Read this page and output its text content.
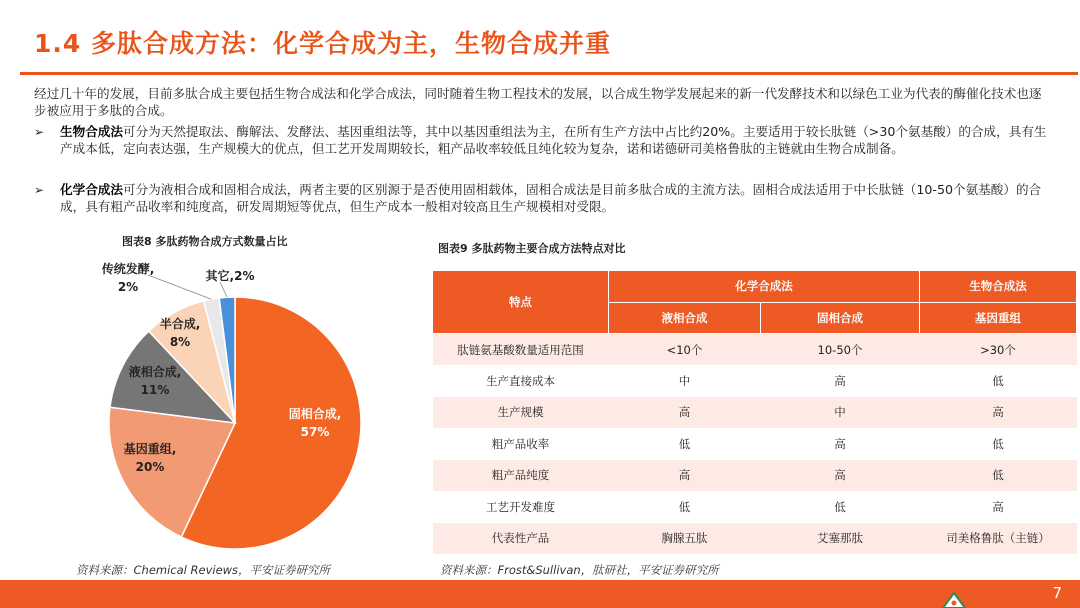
1.4 多肽合成方法：化学合成为主，生物合成并重
经过几十年的发展，目前多肽合成主要包括生物合成法和化学合成法，同时随着生物工程技术的发展，以合成生物学发展起来的新一代发酵技术和以绿色工业为代表的酶催化技术也逐步被应用于多肽的合成。
➢	生物合成法可分为天然提取法、酶解法、发酵法、基因重组法等，其中以基因重组法为主，在所有生产方法中占比约20%。主要适用于较长肽链（>30个氨基酸）的合成，具有生产成本低，定向表达强，生产规模大的优点，但工艺开发周期较长，粗产品收率较低且纯化较为复杂，诺和诺德研司美格鲁肽的主链就由生物合成制备。
➢	化学合成法可分为液相合成和固相合成法，两者主要的区别源于是否使用固相载体，固相合成法是目前多肽合成的主流方法。固相合成法适用于中长肽链（10-50个氨基酸）的合成，具有粗产品收率和纯度高，研发周期短等优点，但生产成本一般相对较高且生产规模相对受限。
图表8 多肽药物合成方式数量占比
图表9 多肽药物主要合成方法特点对比
固相合成,
57%
基因重组,
20%
液相合成,
11%
半合成,
8%
传统发酵,
2%
其它,2%
特点	化学合成法		生物合成法
	液相合成	固相合成	基因重组
肽链氨基酸数量适用范围	<10个	10-50个	>30个
生产直接成本	中	高	低
生产规模	高	中	高
粗产品收率	低	高	低
粗产品纯度	高	高	低
工艺开发难度	低	低	高
代表性产品	胸腺五肽	艾塞那肽	司美格鲁肽（主链）
资料来源：Chemical Reviews，平安证券研究所	资料来源：Frost&Sullivan，肽研社，平安证券研究所
7
